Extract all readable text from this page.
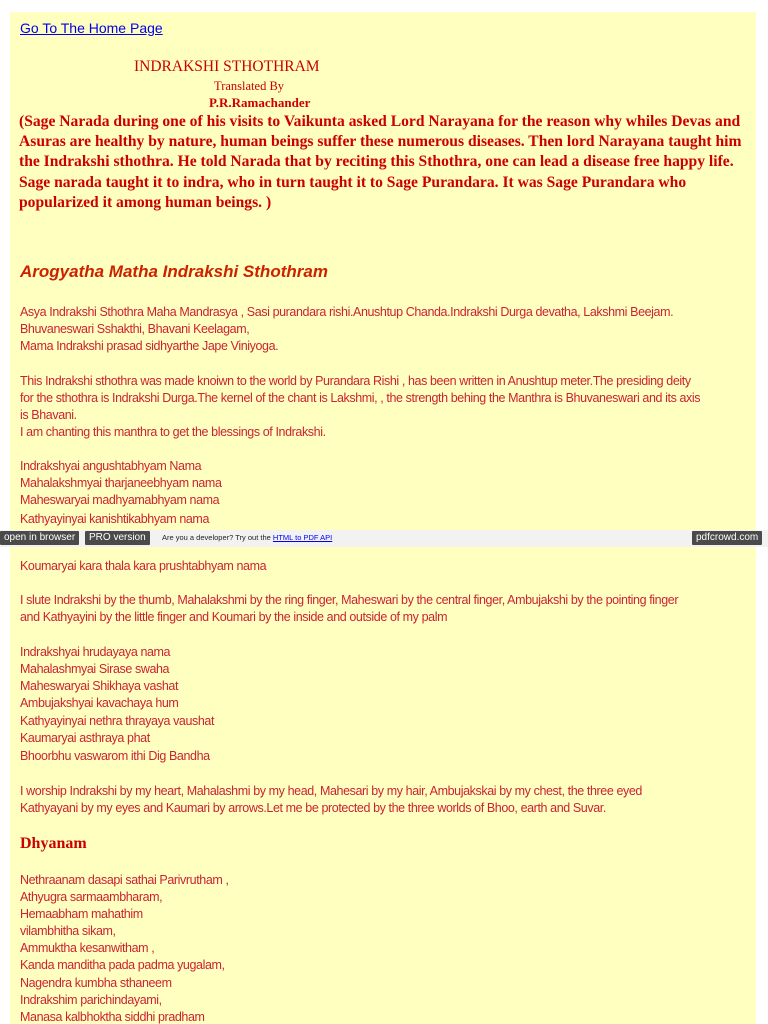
Go To The Home Page
INDRAKSHI STHOTHRAM
Translated By
P.R.Ramachander
(Sage Narada during one of his visits to Vaikunta asked Lord Narayana for the reason why whiles Devas and Asuras are healthy by nature, human beings suffer these numerous diseases. Then lord Narayana taught him the Indrakshi sthothra. He told Narada that by reciting this Sthothra, one can lead a disease free happy life. Sage narada taught it to indra, who in turn taught it to Sage Purandara. It was Sage Purandara who popularized it among human beings. )
Arogyatha Matha Indrakshi Sthothram
Asya Indrakshi Sthothra Maha Mandrasya , Sasi purandara rishi.Anushtup Chanda.Indrakshi Durga devatha, Lakshmi Beejam.
Bhuvaneswari Sshakthi, Bhavani Keelagam,
Mama Indrakshi prasad sidhyarthe Jape Viniyoga.
This Indrakshi sthothra was made knoiwn to the world by Purandara Rishi , has been written in Anushtup meter.The presiding deity
for the sthothra is Indrakshi Durga.The kernel of the chant is Lakshmi, , the strength behing the Manthra is Bhuvaneswari and its axis
is Bhavani.
I am chanting this manthra to get the blessings of Indrakshi.
Indrakshyai angushtabhyam Nama
Mahalakshmyai tharjaneebhyam nama
Maheswaryai madhyamabhyam nama
Kathyayinyai kanishtikabhyam nama
open in browser	PRO version	Are you a developer? Try out the HTML to PDF API	pdfcrowd.com
Koumaryai kara thala kara prushtabhyam nama
I slute Indrakshi by the thumb, Mahalakshmi by the ring finger, Maheswari by the central finger, Ambujakshi by the pointing finger
and Kathyayini by the little finger and Koumari by the inside and outside of my palm
Indrakshyai hrudayaya nama
Mahalashmyai Sirase swaha
Maheswaryai Shikhaya vashat
Ambujakshyai kavachaya hum
Kathyayinyai nethra thrayaya vaushat
Kaumaryai asthraya phat
Bhoorbhu vaswarom ithi Dig Bandha
I worship Indrakshi by my heart, Mahalashmi by my head, Mahesari by my hair, Ambujakskai by my chest, the three eyed
Kathyayani by my eyes and Kaumari by arrows.Let me be protected by the three worlds of Bhoo, earth and Suvar.
Dhyanam
Nethraanam dasapi sathai Parivrutham ,
Athyugra sarmaambharam,
Hemaabham mahathim
vilambhitha sikam,
Ammuktha kesanwitham ,
Kanda manditha pada padma yugalam,
Nagendra kumbha sthaneem
Indrakshim parichindayami,
Manasa kalbhoktha siddhi pradham
